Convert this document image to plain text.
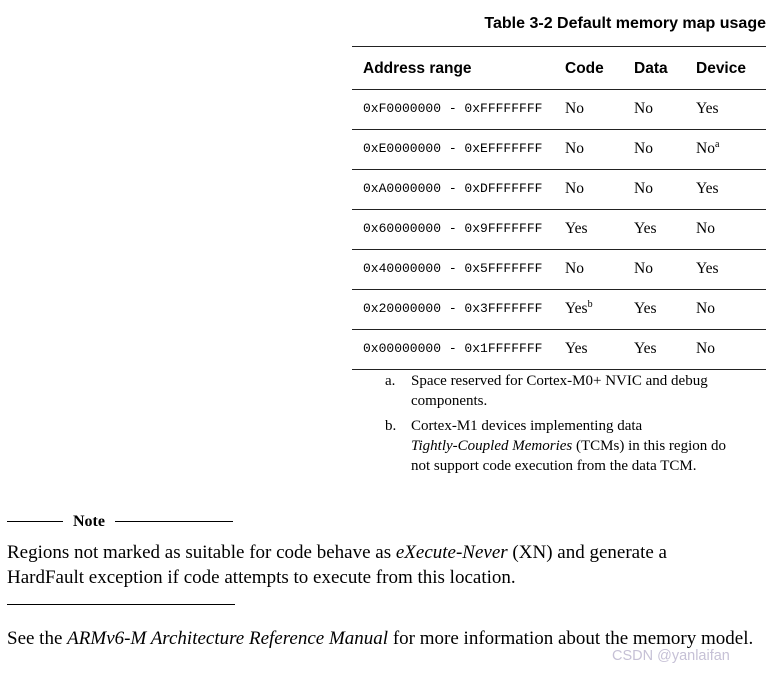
Table 3-2 Default memory map usage
Address range	Code	Data	Device
0xF0000000 - 0xFFFFFFFF	No	No	Yes
0xE0000000 - 0xEFFFFFFF	No	No	No$^a$
0xA0000000 - 0xDFFFFFFF	No	No	Yes
0x60000000 - 0x9FFFFFFF	Yes	Yes	No
0x40000000 - 0x5FFFFFFF	No	No	Yes
0x20000000 - 0x3FFFFFFF	Yes$^b$	Yes	No
0x00000000 - 0x1FFFFFFF	Yes	Yes	No
a.	Space reserved for Cortex-M0+ NVIC and debug components.
b. Cortex-M1 devices implementing data Tightly-Coupled Memories (TCMs) in this region do not support code execution from the data TCM.
Note

Regions not marked as suitable for code behave as eXecute-Never (XN) and generate a HardFault exception if code attempts to execute from this location.

See the ARMv6-M Architecture Reference Manual for more information about the memory model.

CSDN @yanlaifan
